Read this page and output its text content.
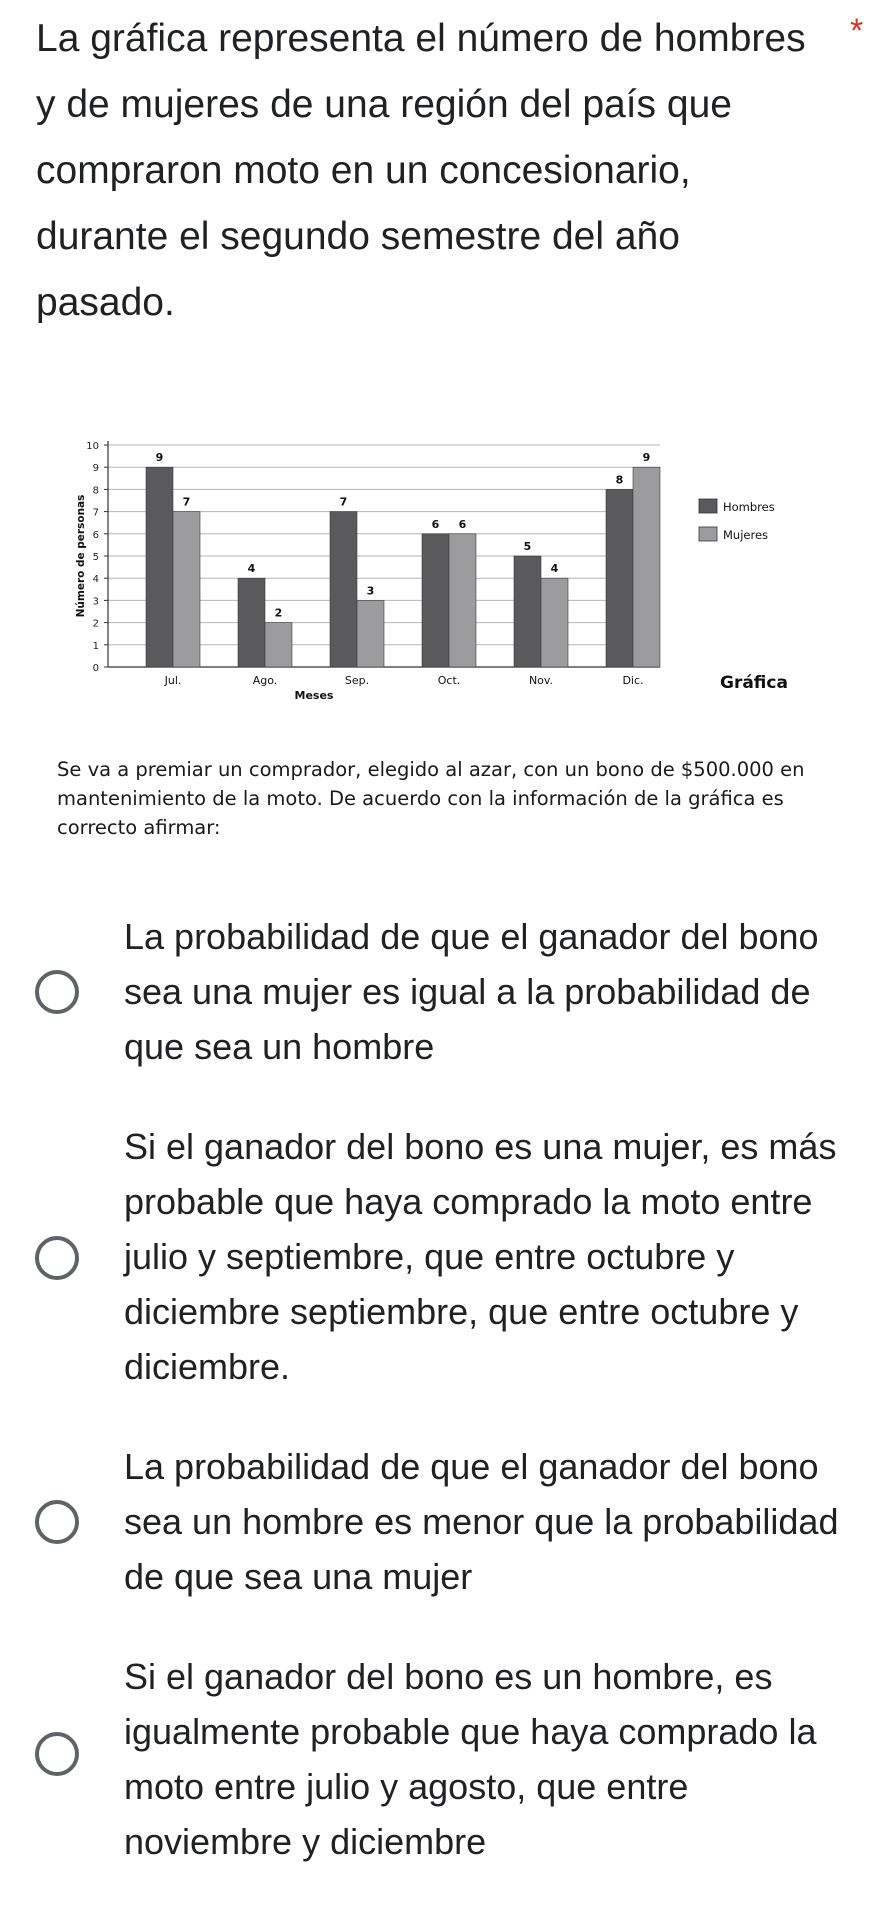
La gráfica representa el número de hombres y de mujeres de una región del país que compraron moto en un concesionario, durante el segundo semestre del año pasado.
*
0
1
2
3
4
5
6
7
8
9
10
Número de personas
9
7
Jul.
4
2
Ago.
7
3
Sep.
6 6
Oct.
5
4
Nov.
8
9
Dic.
Meses
Hombres
Mujeres
Gráfica

Se va a premiar un comprador, elegido al azar, con un bono de $500.000 en mantenimiento de la moto. De acuerdo con la información de la gráfica es correcto afirmar:

La probabilidad de que el ganador del bono sea una mujer es igual a la probabilidad de que sea un hombre
Si el ganador del bono es una mujer, es más probable que haya comprado la moto entre julio y septiembre, que entre octubre y diciembre septiembre, que entre octubre y diciembre.
La probabilidad de que el ganador del bono sea un hombre es menor que la probabilidad de que sea una mujer
Si el ganador del bono es un hombre, es igualmente probable que haya comprado la moto entre julio y agosto, que entre noviembre y diciembre
